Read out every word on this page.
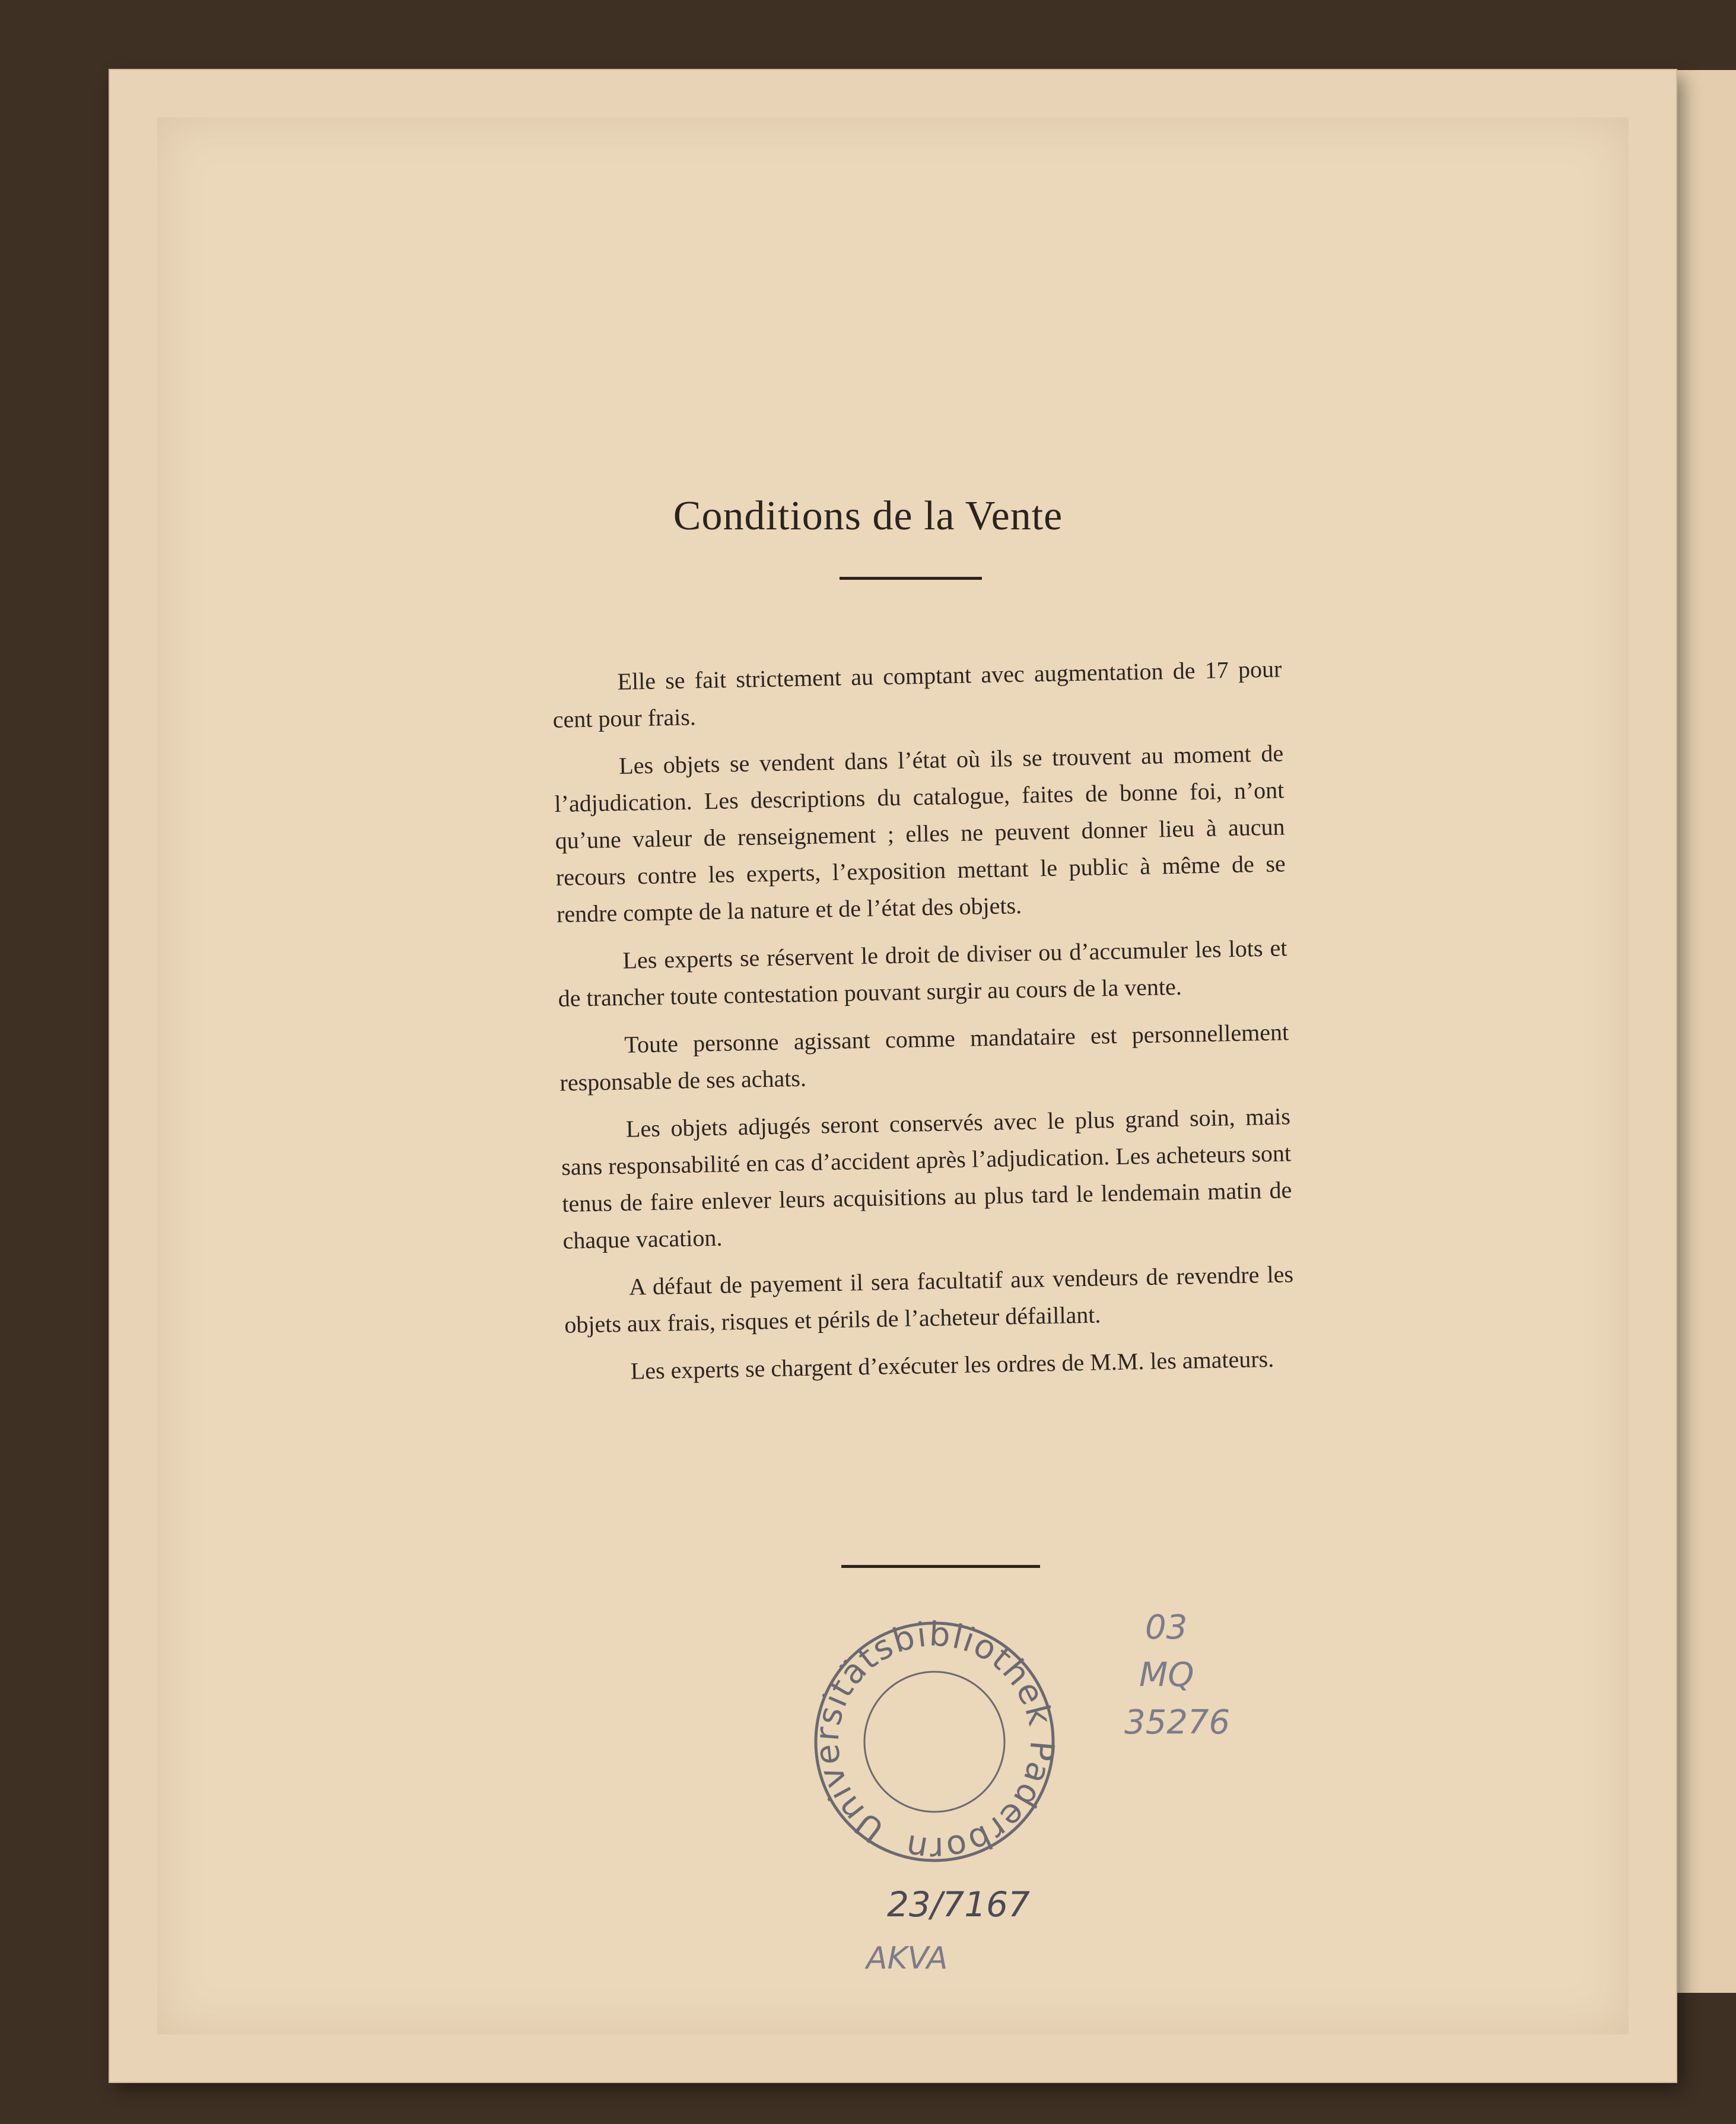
Conditions de la Vente

Elle se fait strictement au comptant avec augmentation de 17 pour cent pour frais.

Les objets se vendent dans l’état où ils se trouvent au moment de l’adjudication. Les descriptions du catalogue, faites de bonne foi, n’ont qu’une valeur de renseignement ; elles ne peuvent donner lieu à aucun recours contre les experts, l’exposition mettant le public à même de se rendre compte de la nature et de l’état des objets.

Les experts se réservent le droit de diviser ou d’accumuler les lots et de trancher toute contestation pouvant surgir au cours de la vente.

Toute personne agissant comme mandataire est personnellement responsable de ses achats.

Les objets adjugés seront conservés avec le plus grand soin, mais sans responsabilité en cas d’accident après l’adjudication. Les acheteurs sont tenus de faire enlever leurs acquisitions au plus tard le lendemain matin de chaque vacation.

A défaut de payement il sera facultatif aux vendeurs de revendre les objets aux frais, risques et périls de l’acheteur défaillant.

Les experts se chargent d’exécuter les ordres de M.M. les amateurs.

Universitätsbibliothek Paderborn
03
MQ
35276
23/7167
AKVA
